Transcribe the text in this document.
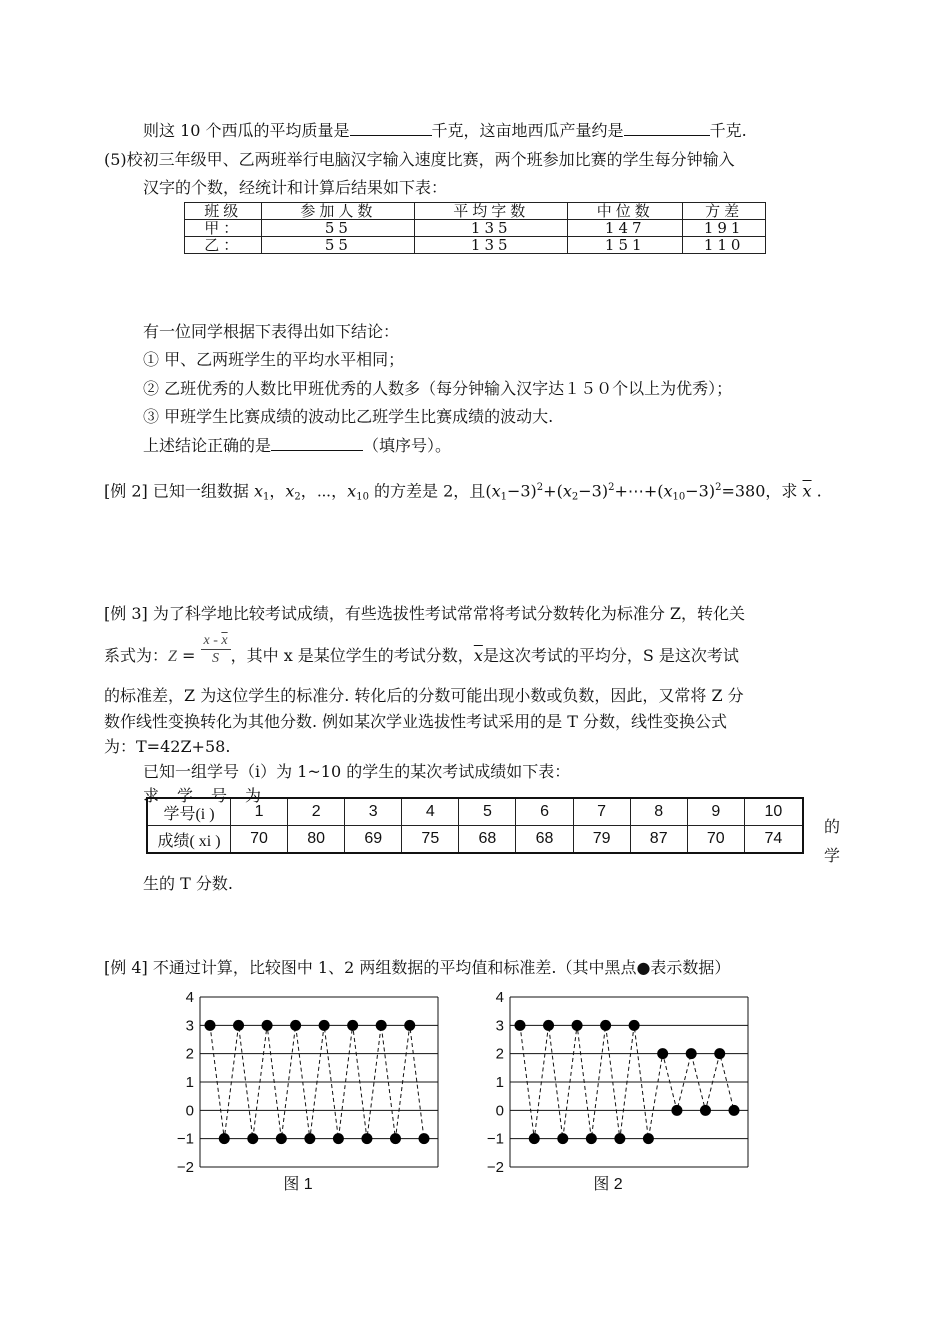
则这 10 个西瓜的平均质量是	千克，这亩地西瓜产量约是	千克.
(5)校初三年级甲、乙两班举行电脑汉字输入速度比赛，两个班参加比赛的学生每分钟输入
汉字的个数，经统计和计算后结果如下表：
班级	参加人数	平均字数	中位数	方差
甲：	55	135	147	191
乙：	55	135	151	110
有一位同学根据下表得出如下结论：
① 甲、乙两班学生的平均水平相同；
② 乙班优秀的人数比甲班优秀的人数多（每分钟输入汉字达１５０个以上为优秀）；
③ 甲班学生比赛成绩的波动比乙班学生比赛成绩的波动大.
上述结论正确的是	（填序号）。
[例 2] 已知一组数据 $x_1$，$x_2$，⋯，$x_{10}$ 的方差是 2，且$(x_1-3)^2+(x_2-3)^2+\cdots+(x_{10}-3)^2=380$，求 $\overline{x}$ .
[例 3] 为了科学地比较考试成绩，有些选拔性考试常常将考试分数转化为标准分 Z，转化关
系式为：$Z = \frac{x - \overline{x}}{S}$ ，其中 x 是某位学生的考试分数，$\overline{x}$是这次考试的平均分，S 是这次考试
的标准差，Z 为这位学生的标准分. 转化后的分数可能出现小数或负数，因此，又常将 Z 分
数作线性变换转化为其他分数. 例如某次学业选拔性考试采用的是 T 分数，线性变换公式
为：T=42Z+58.
已知一组学号（i）为 1~10 的学生的某次考试成绩如下表：
求　学　号　为
学号(i )	1	2	3	4	5	6	7	8	9	10
成绩( xi )	70	80	69	75	68	68	79	87	70	74
的
学
生的 T 分数.
[例 4] 不通过计算，比较图中 1、2 两组数据的平均值和标准差.（其中黑点●表示数据）
4
3
2
1
0
−1
−2
图 1
4
3
2
1
0
−1
−2
图 2
